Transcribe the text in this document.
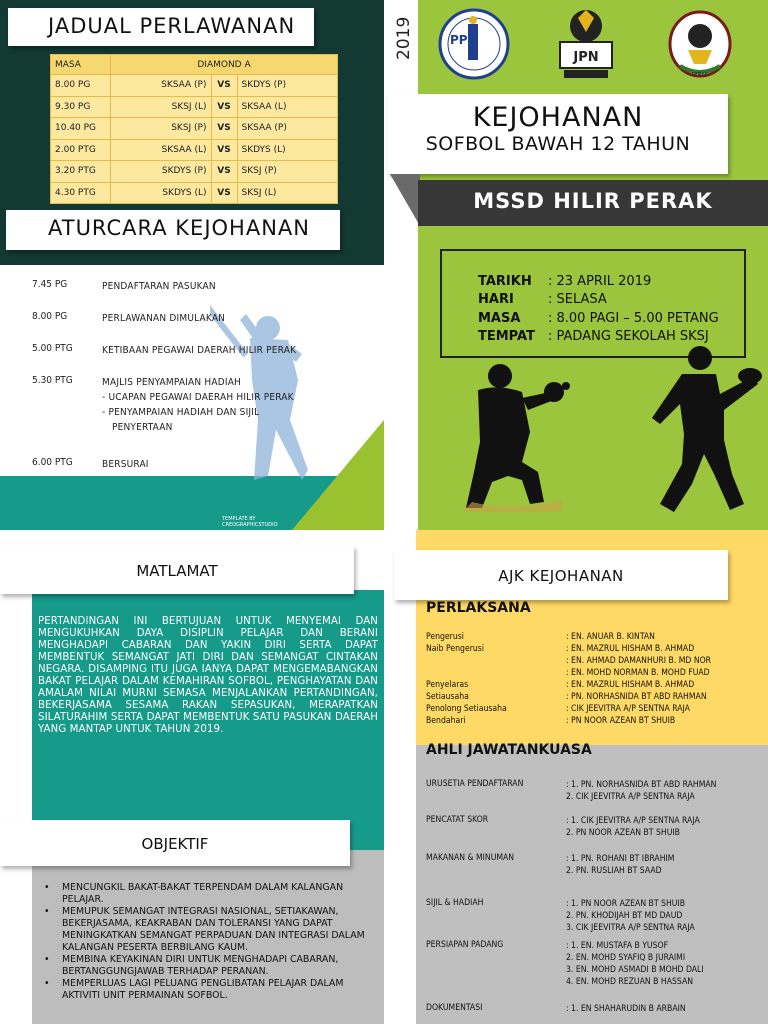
JADUAL PERLAWANAN
MASA	DIAMOND A		
8.00 PG	SKSAA (P)	VS	SKDYS (P)
9.30 PG	SKSJ (L)	VS	SKSAA (L)
10.40 PG	SKSJ (P)	VS	SKSAA (P)
2.00 PTG	SKSAA (L)	VS	SKDYS (L)
3.20 PTG	SKDYS (P)	VS	SKSJ (P)
4.30 PTG	SKDYS (L)	VS	SKSJ (L)
ATURCARA KEJOHANAN
7.45 PG	PENDAFTARAN PASUKAN
8.00 PG	PERLAWANAN DIMULAKAN
5.00 PTG	KETIBAAN PEGAWAI DAERAH HILIR PERAK
5.30 PTG	MAJLIS PENYAMPAIAN HADIAH
- UCAPAN PEGAWAI DAERAH HILIR PERAK
- PENYAMPAIAN HADIAH DAN SIJIL
PENYERTAAN
6.00 PTG	BERSURAI
TEMPLATE BY
CREOGRAPHICSTUDIO
2019	PPD
JPN
PERAK
KEJOHANAN
SOFBOL BAWAH 12 TAHUN
MSSD HILIR PERAK
TARIKH	: 23 APRIL 2019
HARI	: SELASA
MASA	: 8.00 PAGI – 5.00 PETANG
TEMPAT	: PADANG SEKOLAH SKSJ
MATLAMAT
PERTANDINGAN INI BERTUJUAN UNTUK MENYEMAI DAN MENGUKUHKAN DAYA DISIPLIN PELAJAR DAN BERANI MENGHADAPI CABARAN DAN YAKIN DIRI SERTA DAPAT MEMBENTUK SEMANGAT JATI DIRI DAN SEMANGAT CINTAKAN NEGARA. DISAMPING ITU JUGA IANYA DAPAT MENGEMABANGKAN BAKAT PELAJAR DALAM KEMAHIRAN SOFBOL, PENGHAYATAN DAN AMALAM NILAI MURNI SEMASA MENJALANKAN PERTANDINGAN, BEKERJASAMA SESAMA RAKAN SEPASUKAN, MERAPATKAN SILATURAHIM SERTA DAPAT MEMBENTUK SATU PASUKAN DAERAH YANG MANTAP UNTUK TAHUN 2019.
OBJEKTIF
• MENCUNGKIL BAKAT-BAKAT TERPENDAM DALAM KALANGAN PELAJAR.
• MEMUPUK SEMANGAT INTEGRASI NASIONAL, SETIAKAWAN, BEKERJASAMA, KEAKRABAN DAN TOLERANSI YANG DAPAT MENINGKATKAN SEMANGAT PERPADUAN DAN INTEGRASI DALAM KALANGAN PESERTA BERBILANG KAUM.
• MEMBINA KEYAKINAN DIRI UNTUK MENGHADAPI CABARAN, BERTANGGUNGJAWAB TERHADAP PERANAN.
• MEMPERLUAS LAGI PELUANG PENGLIBATAN PELAJAR DALAM AKTIVITI UNIT PERMAINAN SOFBOL.
AJK KEJOHANAN
PERLAKSANA
Pengerusi	: EN. ANUAR B. KINTAN
Naib Pengerusi	: EN. MAZRUL HISHAM B. AHMAD
: EN. AHMAD DAMANHURI B. MD NOR
: EN. MOHD NORMAN B. MOHD FUAD
Penyelaras	: EN. MAZRUL HISHAM B. AHMAD
Setiausaha	: PN. NORHASNIDA BT ABD RAHMAN
Penolong Setiausaha	: CIK JEEVITRA A/P SENTNA RAJA
Bendahari	: PN NOOR AZEAN BT SHUIB
AHLI JAWATANKUASA
URUSETIA PENDAFTARAN	: 1. PN. NORHASNIDA BT ABD RAHMAN
2. CIK JEEVITRA A/P SENTNA RAJA
PENCATAT SKOR	: 1. CIK JEEVITRA A/P SENTNA RAJA
2. PN NOOR AZEAN BT SHUIB
MAKANAN & MINUMAN	: 1. PN. ROHANI BT IBRAHIM
2. PN. RUSLIAH BT SAAD
SIJIL & HADIAH	: 1. PN NOOR AZEAN BT SHUIB
2. PN. KHODIJAH BT MD DAUD
3. CIK JEEVITRA A/P SENTNA RAJA
PERSIAPAN PADANG	: 1. EN. MUSTAFA B YUSOF
2. EN. MOHD SYAFIQ B JURAIMI
3. EN. MOHD ASMADI B MOHD DALI
4. EN. MOHD REZUAN B HASSAN
DOKUMENTASI	: 1. EN SHAHARUDIN B ARBAIN
